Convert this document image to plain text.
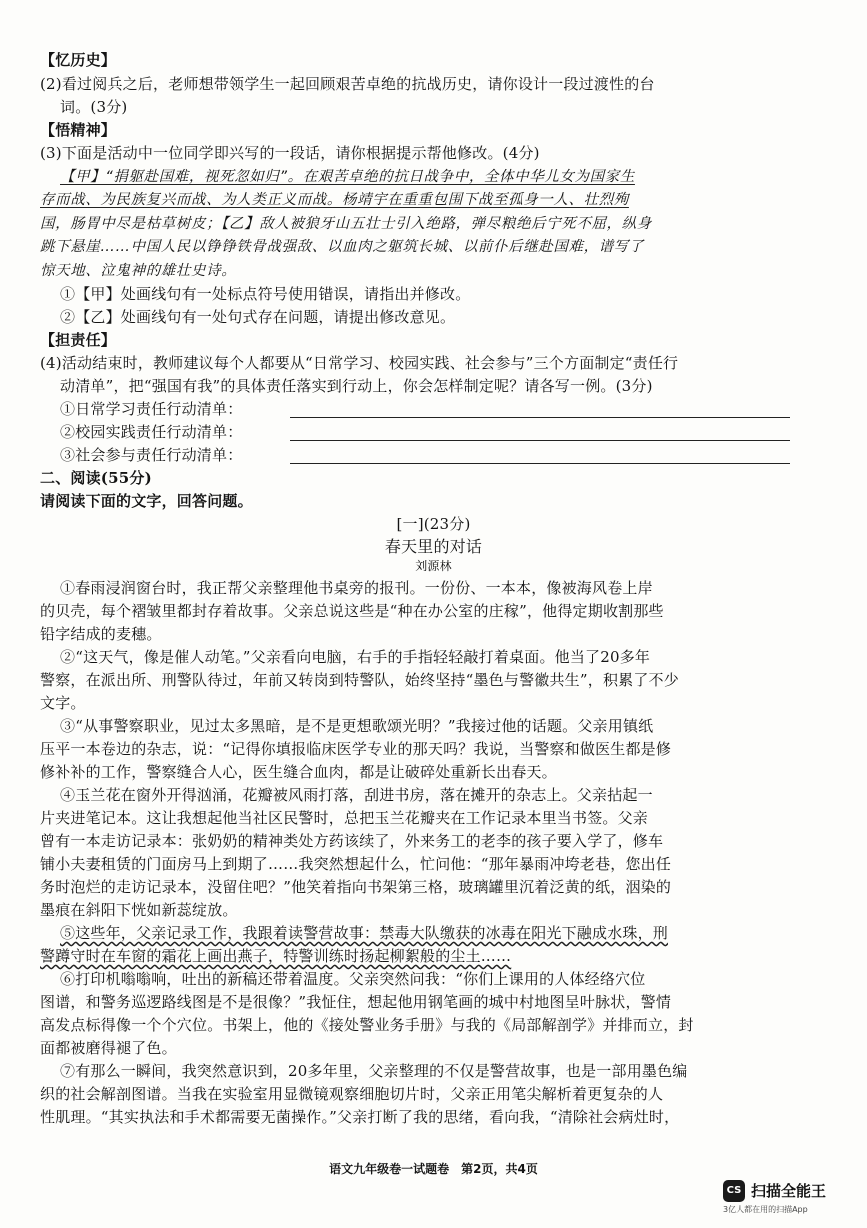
【忆历史】
(2)看过阅兵之后，老师想带领学生一起回顾艰苦卓绝的抗战历史，请你设计一段过渡性的台
词。(3分)
【悟精神】
(3)下面是活动中一位同学即兴写的一段话，请你根据提示帮他修改。(4分)
【甲】“捐躯赴国难，视死忽如归”。在艰苦卓绝的抗日战争中，全体中华儿女为国家生
存而战、为民族复兴而战、为人类正义而战。杨靖宇在重重包围下战至孤身一人、壮烈殉
国，肠胃中尽是枯草树皮；【乙】敌人被狼牙山五壮士引入绝路，弹尽粮绝后宁死不屈，纵身
跳下悬崖……中国人民以铮铮铁骨战强敌、以血肉之躯筑长城、以前仆后继赴国难，谱写了
惊天地、泣鬼神的雄壮史诗。
①【甲】处画线句有一处标点符号使用错误，请指出并修改。
②【乙】处画线句有一处句式存在问题，请提出修改意见。
【担责任】
(4)活动结束时，教师建议每个人都要从“日常学习、校园实践、社会参与”三个方面制定“责任行
动清单”，把“强国有我”的具体责任落实到行动上，你会怎样制定呢？请各写一例。(3分)
①日常学习责任行动清单：
②校园实践责任行动清单：
③社会参与责任行动清单：
二、阅读(55分)
请阅读下面的文字，回答问题。
[一](23分)
春天里的对话
刘源林
①春雨浸润窗台时，我正帮父亲整理他书桌旁的报刊。一份份、一本本，像被海风卷上岸
的贝壳，每个褶皱里都封存着故事。父亲总说这些是“种在办公室的庄稼”，他得定期收割那些
铅字结成的麦穗。
②“这天气，像是催人动笔。”父亲看向电脑，右手的手指轻轻敲打着桌面。他当了20多年
警察，在派出所、刑警队待过，年前又转岗到特警队，始终坚持“墨色与警徽共生”，积累了不少
文字。
③“从事警察职业，见过太多黑暗，是不是更想歌颂光明？”我接过他的话题。父亲用镇纸
压平一本卷边的杂志，说：“记得你填报临床医学专业的那天吗？我说，当警察和做医生都是修
修补补的工作，警察缝合人心，医生缝合血肉，都是让破碎处重新长出春天。
④玉兰花在窗外开得汹涌，花瓣被风雨打落，刮进书房，落在摊开的杂志上。父亲拈起一
片夹进笔记本。这让我想起他当社区民警时，总把玉兰花瓣夹在工作记录本里当书签。父亲
曾有一本走访记录本：张奶奶的精神类处方药该续了，外来务工的老李的孩子要入学了，修车
铺小夫妻租赁的门面房马上到期了……我突然想起什么，忙问他：“那年暴雨冲垮老巷，您出任
务时泡烂的走访记录本，没留住吧？”他笑着指向书架第三格，玻璃罐里沉着泛黄的纸，洇染的
墨痕在斜阳下恍如新蕊绽放。
⑤这些年，父亲记录工作，我跟着读警营故事：禁毒大队缴获的冰毒在阳光下融成水珠，刑
警蹲守时在车窗的霜花上画出燕子，特警训练时扬起柳絮般的尘土……
⑥打印机嗡嗡响，吐出的新稿还带着温度。父亲突然问我：“你们上课用的人体经络穴位
图谱，和警务巡逻路线图是不是很像？”我怔住，想起他用钢笔画的城中村地图呈叶脉状，警情
高发点标得像一个个穴位。书架上，他的《接处警业务手册》与我的《局部解剖学》并排而立，封
面都被磨得褪了色。
⑦有那么一瞬间，我突然意识到，20多年里，父亲整理的不仅是警营故事，也是一部用墨色编
织的社会解剖图谱。当我在实验室用显微镜观察细胞切片时，父亲正用笔尖解析着更复杂的人
性肌理。“其实执法和手术都需要无菌操作。”父亲打断了我的思绪，看向我，“清除社会病灶时，
语文九年级卷一试题卷　第2页，共4页
CS 扫描全能王
3亿人都在用的扫描App
